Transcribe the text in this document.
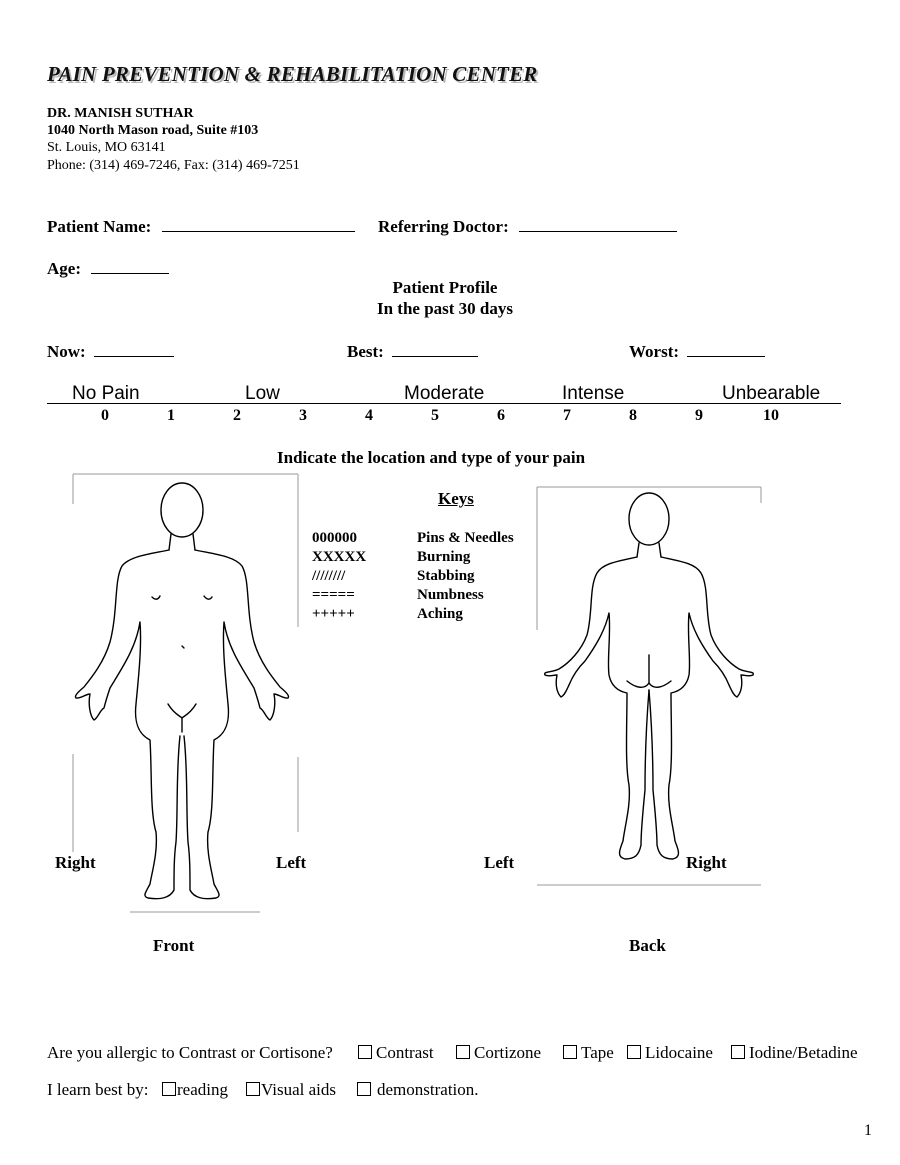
PAIN PREVENTION & REHABILITATION CENTER
DR. MANISH SUTHAR
1040 North Mason road, Suite #103
St. Louis, MO 63141
Phone: (314) 469-7246, Fax: (314) 469-7251
Patient Name:	Referring Doctor:
Age:
Patient Profile
In the past 30 days
Now:	Best:	Worst:
No Pain	Low	Moderate	Intense	Unbearable
0	1	2	3	4	5	6	7	8	9	10
Indicate the location and type of your pain
Keys
000000	Pins & Needles
XXXXX	Burning
////////	Stabbing
=====	Numbness
+++++	Aching
Right	Left	Left	Right
Front	Back
Are you allergic to Contrast or Cortisone?	Contrast	Cortizone	Tape	Lidocaine	Iodine/Betadine
I learn best by:	reading	Visual aids	demonstration.
1
